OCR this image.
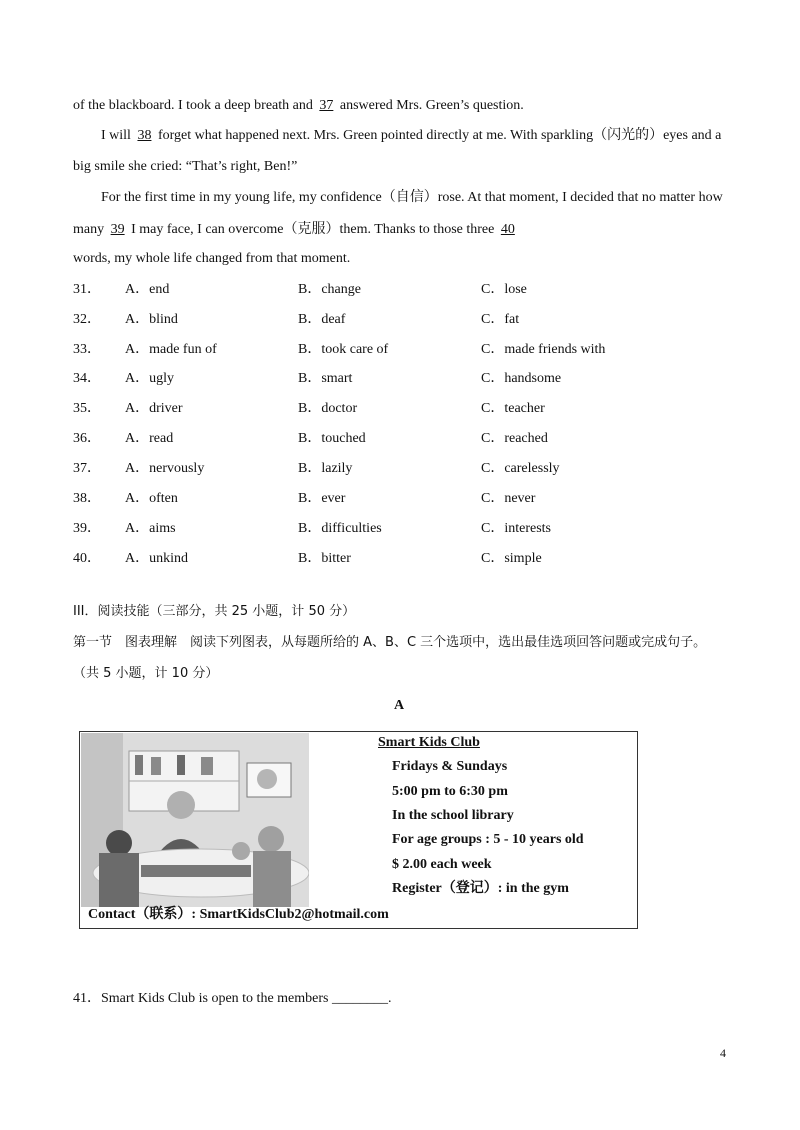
of the blackboard. I took a deep breath and 37 answered Mrs. Green’s question.
I will 38 forget what happened next. Mrs. Green pointed directly at me. With sparkling（闪光的）eyes and a
big smile she cried: “That’s right, Ben!”
For the first time in my young life, my confidence（自信）rose. At that moment, I decided that no matter how
many 39 I may face, I can overcome（克服）them. Thanks to those three 40
words, my whole life changed from that moment.
31． A．end	B．change	C．lose
32． A．blind	B．deaf	C．fat
33． A．made fun of	B．took care of	C．made friends with
34． A．ugly	B．smart	C．handsome
35． A．driver	B．doctor	C．teacher
36． A．read	B．touched	C．reached
37． A．nervously	B．lazily	C．carelessly
38． A．often	B．ever	C．never
39． A．aims	B．difficulties	C．interests
40． A．unkind	B．bitter	C．simple
III．阅读技能（三部分，共 25 小题，计 50 分）
第一节　图表理解　阅读下列图表，从每题所给的 A、B、C 三个选项中，选出最佳选项回答问题或完成句子。
（共 5 小题，计 10 分）
A
Smart Kids Club
Fridays & Sundays
5:00 pm to 6:30 pm
In the school library
For age groups : 5 - 10 years old
$ 2.00 each week
Register（登记）: in the gym
Contact（联系）: SmartKidsClub2@hotmail.com
41．Smart Kids Club is open to the members ________.
4
